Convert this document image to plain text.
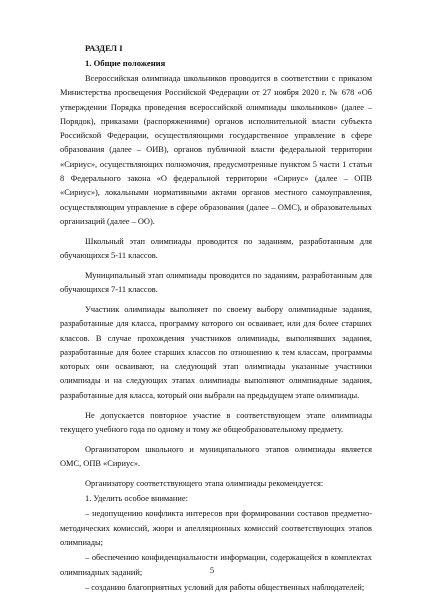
РАЗДЕЛ I
1. Общие положения

Всероссийская олимпиада школьников проводится в соответствии с приказом Министерства просвещения Российской Федерации от 27 ноября 2020 г. № 678 «Об утверждении Порядка проведения всероссийской олимпиады школьников» (далее – Порядок), приказами (распоряжениями) органов исполнительной власти субъекта Российской Федерации, осуществляющими государственное управление в сфере образования (далее – ОИВ), органов публичной власти федеральной территории «Сириус», осуществляющих полномочия, предусмотренные пунктом 5 части 1 статьи 8 Федерального закона «О федеральной территории «Сириус» (далее – ОПВ «Сириус»), локальными нормативными актами органов местного самоуправления, осуществляющим управление в сфере образования (далее – ОМС), и образовательных организаций (далее – ОО).

Школьный этап олимпиады проводится по заданиям, разработанным для обучающихся 5-11 классов.

Муниципальный этап олимпиады проводится по заданиям, разработанным для обучающихся 7-11 классов.

Участник олимпиады выполняет по своему выбору олимпиадные задания, разработанные для класса, программу которого он осваивает, или для более старших классов. В случае прохождения участников олимпиады, выполнявших задания, разработанные для более старших классов по отношению к тем классам, программы которых они осваивают, на следующий этап олимпиады указанные участники олимпиады и на следующих этапах олимпиады выполняют олимпиадные задания, разработанные для класса, который они выбрали на предыдущем этапе олимпиады.

Не допускается повторное участие в соответствующем этапе олимпиады текущего учебного года по одному и тому же общеобразовательному предмету.

Организатором школьного и муниципального этапов олимпиады является ОМС, ОПВ «Сириус».

Организатору соответствующего этапа олимпиады рекомендуется:

1. Уделить особое внимание:

– недопущению конфликта интересов при формировании составов предметно-методических комиссий, жюри и апелляционных комиссий соответствующих этапов олимпиады;

– обеспечению конфиденциальности информации, содержащейся в комплектах олимпиадных заданий;

– созданию благоприятных условий для работы общественных наблюдателей;

5
